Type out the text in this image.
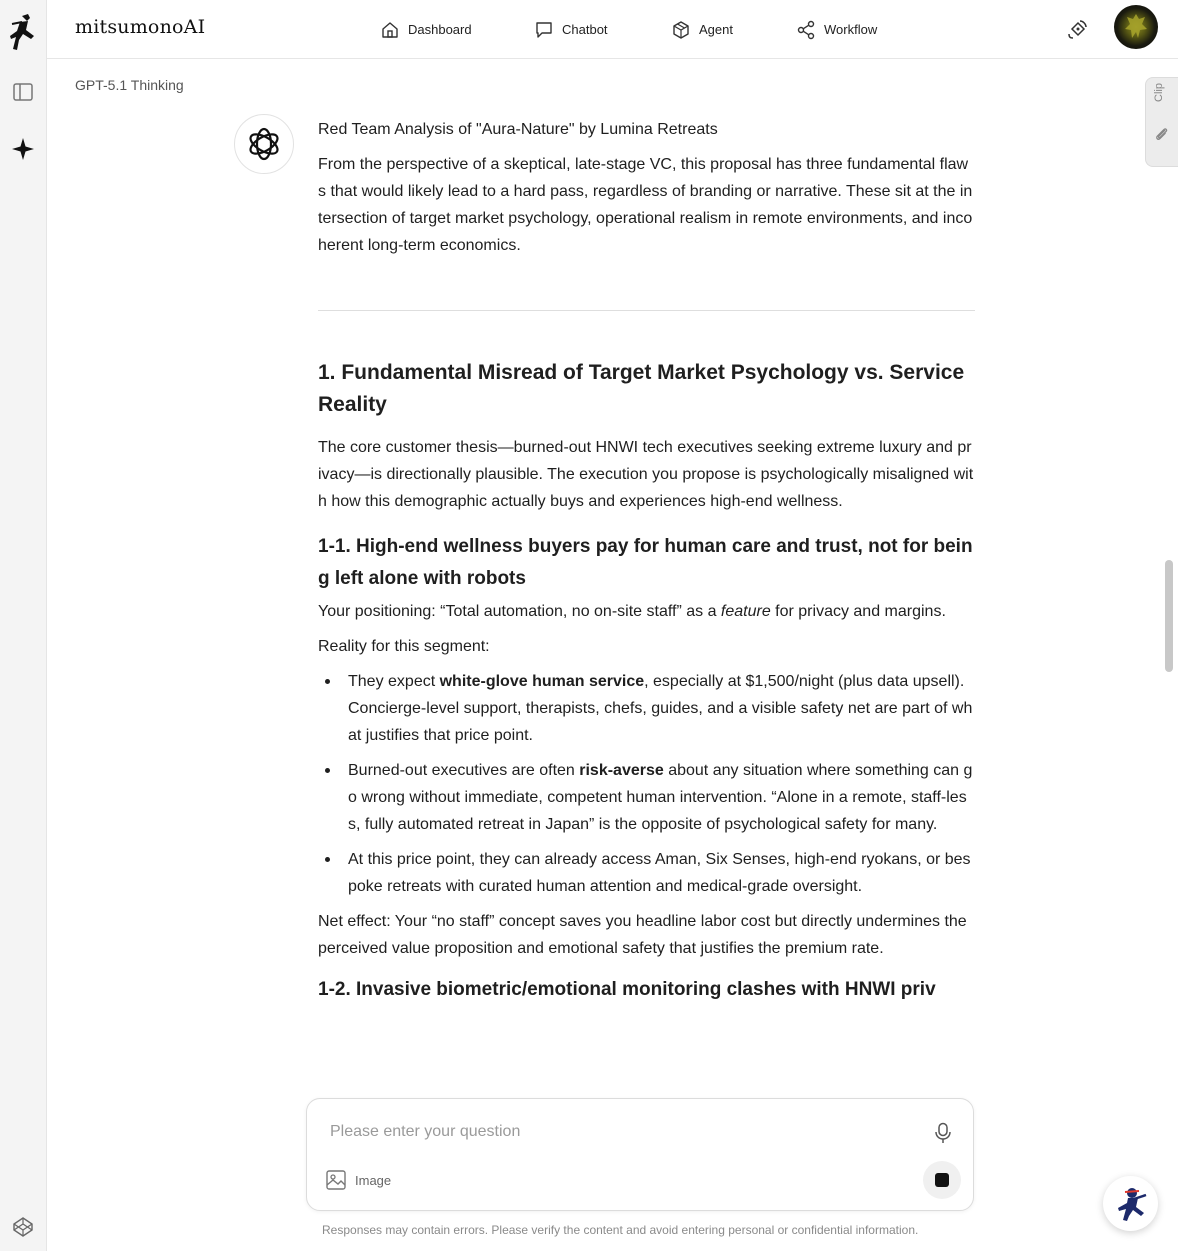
mitsumonoAI	Dashboard	Chatbot	Agent	Workflow
GPT-5.1 Thinking
Red Team Analysis of "Aura-Nature" by Lumina Retreats
From the perspective of a skeptical, late-stage VC, this proposal has three fundamental flaws that would likely lead to a hard pass, regardless of branding or narrative. These sit at the intersection of target market psychology, operational realism in remote environments, and incoherent long-term economics.
1. Fundamental Misread of Target Market Psychology vs. Service Reality
The core customer thesis—burned-out HNWI tech executives seeking extreme luxury and privacy—is directionally plausible. The execution you propose is psychologically misaligned with how this demographic actually buys and experiences high-end wellness.
1-1. High-end wellness buyers pay for human care and trust, not for being left alone with robots
Your positioning: “Total automation, no on-site staff” as a feature for privacy and margins.
Reality for this segment:
They expect white-glove human service, especially at $1,500/night (plus data upsell). Concierge-level support, therapists, chefs, guides, and a visible safety net are part of what justifies that price point.
Burned-out executives are often risk-averse about any situation where something can go wrong without immediate, competent human intervention. “Alone in a remote, staff-less, fully automated retreat in Japan” is the opposite of psychological safety for many.
At this price point, they can already access Aman, Six Senses, high-end ryokans, or bespoke retreats with curated human attention and medical-grade oversight.
Net effect: Your “no staff” concept saves you headline labor cost but directly undermines the perceived value proposition and emotional safety that justifies the premium rate.
1-2. Invasive biometric/emotional monitoring clashes with HNWI priv
Please enter your question
Image
Responses may contain errors. Please verify the content and avoid entering personal or confidential information.
Clip
